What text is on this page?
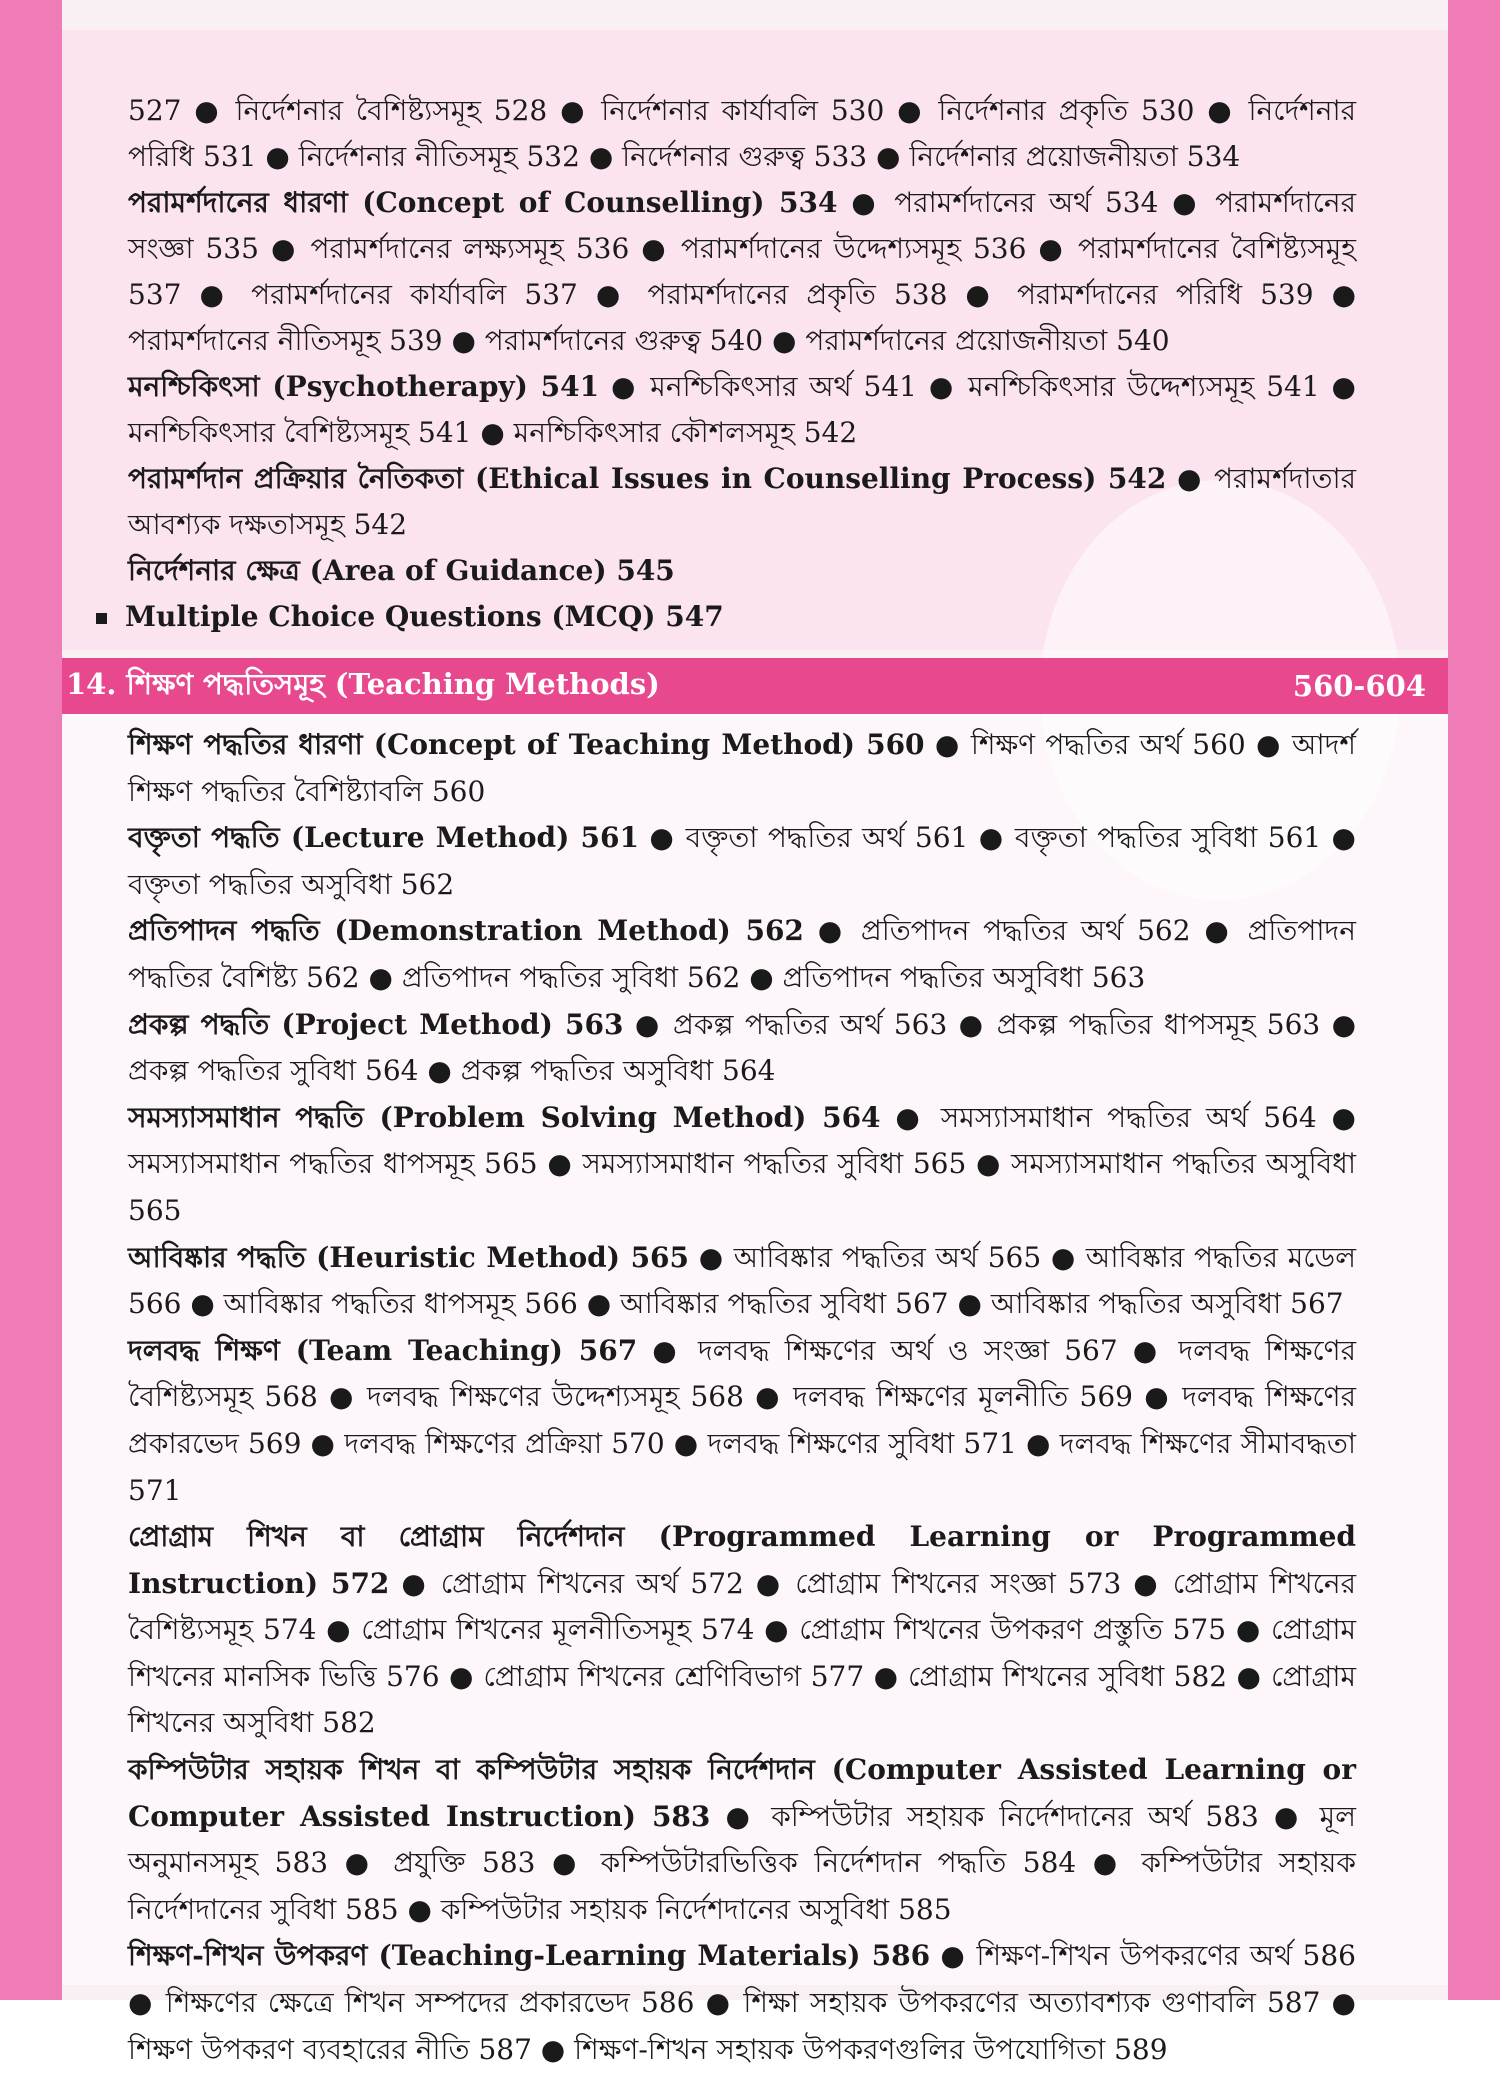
527 ● নির্দেশনার বৈশিষ্ট্যসমূহ 528 ● নির্দেশনার কার্যাবলি 530 ● নির্দেশনার প্রকৃতি 530 ● নির্দেশনার পরিধি 531 ● নির্দেশনার নীতিসমূহ 532 ● নির্দেশনার গুরুত্ব 533 ● নির্দেশনার প্রয়োজনীয়তা 534

পরামর্শদানের ধারণা (Concept of Counselling) 534 ● পরামর্শদানের অর্থ 534 ● পরামর্শদানের সংজ্ঞা 535 ● পরামর্শদানের লক্ষ্যসমূহ 536 ● পরামর্শদানের উদ্দেশ্যসমূহ 536 ● পরামর্শদানের বৈশিষ্ট্যসমূহ 537 ● পরামর্শদানের কার্যাবলি 537 ● পরামর্শদানের প্রকৃতি 538 ● পরামর্শদানের পরিধি 539 ● পরামর্শদানের নীতিসমূহ 539 ● পরামর্শদানের গুরুত্ব 540 ● পরামর্শদানের প্রয়োজনীয়তা 540

মনশ্চিকিৎসা (Psychotherapy) 541 ● মনশ্চিকিৎসার অর্থ 541 ● মনশ্চিকিৎসার উদ্দেশ্যসমূহ 541 ● মনশ্চিকিৎসার বৈশিষ্ট্যসমূহ 541 ● মনশ্চিকিৎসার কৌশলসমূহ 542

পরামর্শদান প্রক্রিয়ার নৈতিকতা (Ethical Issues in Counselling Process) 542 ● পরামর্শদাতার আবশ্যক দক্ষতাসমূহ 542

নির্দেশনার ক্ষেত্র (Area of Guidance) 545

Multiple Choice Questions (MCQ) 547

14. শিক্ষণ পদ্ধতিসমূহ (Teaching Methods)	560-604

শিক্ষণ পদ্ধতির ধারণা (Concept of Teaching Method) 560 ● শিক্ষণ পদ্ধতির অর্থ 560 ● আদর্শ শিক্ষণ পদ্ধতির বৈশিষ্ট্যাবলি 560

বক্তৃতা পদ্ধতি (Lecture Method) 561 ● বক্তৃতা পদ্ধতির অর্থ 561 ● বক্তৃতা পদ্ধতির সুবিধা 561 ● বক্তৃতা পদ্ধতির অসুবিধা 562

প্রতিপাদন পদ্ধতি (Demonstration Method) 562 ● প্রতিপাদন পদ্ধতির অর্থ 562 ● প্রতিপাদন পদ্ধতির বৈশিষ্ট্য 562 ● প্রতিপাদন পদ্ধতির সুবিধা 562 ● প্রতিপাদন পদ্ধতির অসুবিধা 563

প্রকল্প পদ্ধতি (Project Method) 563 ● প্রকল্প পদ্ধতির অর্থ 563 ● প্রকল্প পদ্ধতির ধাপসমূহ 563 ● প্রকল্প পদ্ধতির সুবিধা 564 ● প্রকল্প পদ্ধতির অসুবিধা 564

সমস্যাসমাধান পদ্ধতি (Problem Solving Method) 564 ● সমস্যাসমাধান পদ্ধতির অর্থ 564 ● সমস্যাসমাধান পদ্ধতির ধাপসমূহ 565 ● সমস্যাসমাধান পদ্ধতির সুবিধা 565 ● সমস্যাসমাধান পদ্ধতির অসুবিধা 565

আবিষ্কার পদ্ধতি (Heuristic Method) 565 ● আবিষ্কার পদ্ধতির অর্থ 565 ● আবিষ্কার পদ্ধতির মডেল 566 ● আবিষ্কার পদ্ধতির ধাপসমূহ 566 ● আবিষ্কার পদ্ধতির সুবিধা 567 ● আবিষ্কার পদ্ধতির অসুবিধা 567

দলবদ্ধ শিক্ষণ (Team Teaching) 567 ● দলবদ্ধ শিক্ষণের অর্থ ও সংজ্ঞা 567 ● দলবদ্ধ শিক্ষণের বৈশিষ্ট্যসমূহ 568 ● দলবদ্ধ শিক্ষণের উদ্দেশ্যসমূহ 568 ● দলবদ্ধ শিক্ষণের মূলনীতি 569 ● দলবদ্ধ শিক্ষণের প্রকারভেদ 569 ● দলবদ্ধ শিক্ষণের প্রক্রিয়া 570 ● দলবদ্ধ শিক্ষণের সুবিধা 571 ● দলবদ্ধ শিক্ষণের সীমাবদ্ধতা 571

প্রোগ্রাম শিখন বা প্রোগ্রাম নির্দেশদান (Programmed Learning or Programmed Instruction) 572 ● প্রোগ্রাম শিখনের অর্থ 572 ● প্রোগ্রাম শিখনের সংজ্ঞা 573 ● প্রোগ্রাম শিখনের বৈশিষ্ট্যসমূহ 574 ● প্রোগ্রাম শিখনের মূলনীতিসমূহ 574 ● প্রোগ্রাম শিখনের উপকরণ প্রস্তুতি 575 ● প্রোগ্রাম শিখনের মানসিক ভিত্তি 576 ● প্রোগ্রাম শিখনের শ্রেণিবিভাগ 577 ● প্রোগ্রাম শিখনের সুবিধা 582 ● প্রোগ্রাম শিখনের অসুবিধা 582

কম্পিউটার সহায়ক শিখন বা কম্পিউটার সহায়ক নির্দেশদান (Computer Assisted Learning or Computer Assisted Instruction) 583 ● কম্পিউটার সহায়ক নির্দেশদানের অর্থ 583 ● মূল অনুমানসমূহ 583 ● প্রযুক্তি 583 ● কম্পিউটারভিত্তিক নির্দেশদান পদ্ধতি 584 ● কম্পিউটার সহায়ক নির্দেশদানের সুবিধা 585 ● কম্পিউটার সহায়ক নির্দেশদানের অসুবিধা 585

শিক্ষণ-শিখন উপকরণ (Teaching-Learning Materials) 586 ● শিক্ষণ-শিখন উপকরণের অর্থ 586 ● শিক্ষণের ক্ষেত্রে শিখন সম্পদের প্রকারভেদ 586 ● শিক্ষা সহায়ক উপকরণের অত্যাবশ্যক গুণাবলি 587 ● শিক্ষণ উপকরণ ব্যবহারের নীতি 587 ● শিক্ষণ-শিখন সহায়ক উপকরণগুলির উপযোগিতা 589
